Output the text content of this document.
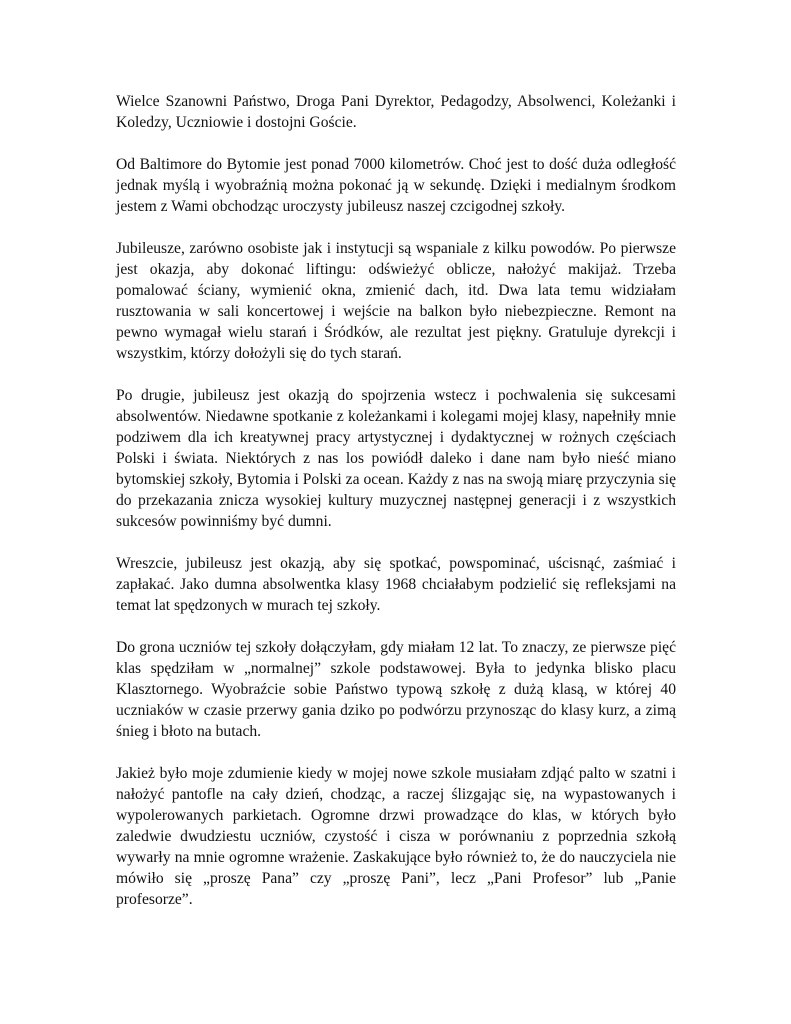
Wielce Szanowni Państwo, Droga Pani Dyrektor, Pedagodzy, Absolwenci, Koleżanki i Koledzy, Uczniowie i dostojni Goście.

Od Baltimore do Bytomie jest ponad 7000 kilometrów. Choć jest to dość duża odległość jednak myślą i wyobraźnią można pokonać ją w sekundę. Dzięki i medialnym środkom jestem z Wami obchodząc uroczysty jubileusz naszej czcigodnej szkoły.

Jubileusze, zarówno osobiste jak i instytucji są wspaniale z kilku powodów. Po pierwsze jest okazja, aby dokonać liftingu: odświeżyć oblicze, nałożyć makijaż. Trzeba pomalować ściany, wymienić okna, zmienić dach, itd. Dwa lata temu widziałam rusztowania w sali koncertowej i wejście na balkon było niebezpieczne. Remont na pewno wymagał wielu starań i Śródków, ale rezultat jest piękny. Gratuluje dyrekcji i wszystkim, którzy dołożyli się do tych starań.

Po drugie, jubileusz jest okazją do spojrzenia wstecz i pochwalenia się sukcesami absolwentów. Niedawne spotkanie z koleżankami i kolegami mojej klasy, napełniły mnie podziwem dla ich kreatywnej pracy artystycznej i dydaktycznej w rożnych częściach Polski i świata. Niektórych z nas los powiódł daleko i dane nam było nieść miano bytomskiej szkoły, Bytomia i Polski za ocean. Każdy z nas na swoją miarę przyczynia się do przekazania znicza wysokiej kultury muzycznej następnej generacji i z wszystkich sukcesów powinniśmy być dumni.

Wreszcie, jubileusz jest okazją, aby się spotkać, powspominać, uścisnąć, zaśmiać i zapłakać. Jako dumna absolwentka klasy 1968 chciałabym podzielić się refleksjami na temat lat spędzonych w murach tej szkoły.

Do grona uczniów tej szkoły dołączyłam, gdy miałam 12 lat. To znaczy, ze pierwsze pięć klas spędziłam w „normalnej” szkole podstawowej. Była to jedynka blisko placu Klasztornego. Wyobraźcie sobie Państwo typową szkołę z dużą klasą, w której 40 uczniaków w czasie przerwy gania dziko po podwórzu przynosząc do klasy kurz, a zimą śnieg i błoto na butach.

Jakież było moje zdumienie kiedy w mojej nowe szkole musiałam zdjąć palto w szatni i nałożyć pantofle na cały dzień, chodząc, a raczej ślizgając się, na wypastowanych i wypolerowanych parkietach. Ogromne drzwi prowadzące do klas, w których było zaledwie dwudziestu uczniów, czystość i cisza w porównaniu z poprzednia szkołą wywarły na mnie ogromne wrażenie. Zaskakujące było również to, że do nauczyciela nie mówiło się „proszę Pana” czy „proszę Pani”, lecz „Pani Profesor” lub „Panie profesorze”.
